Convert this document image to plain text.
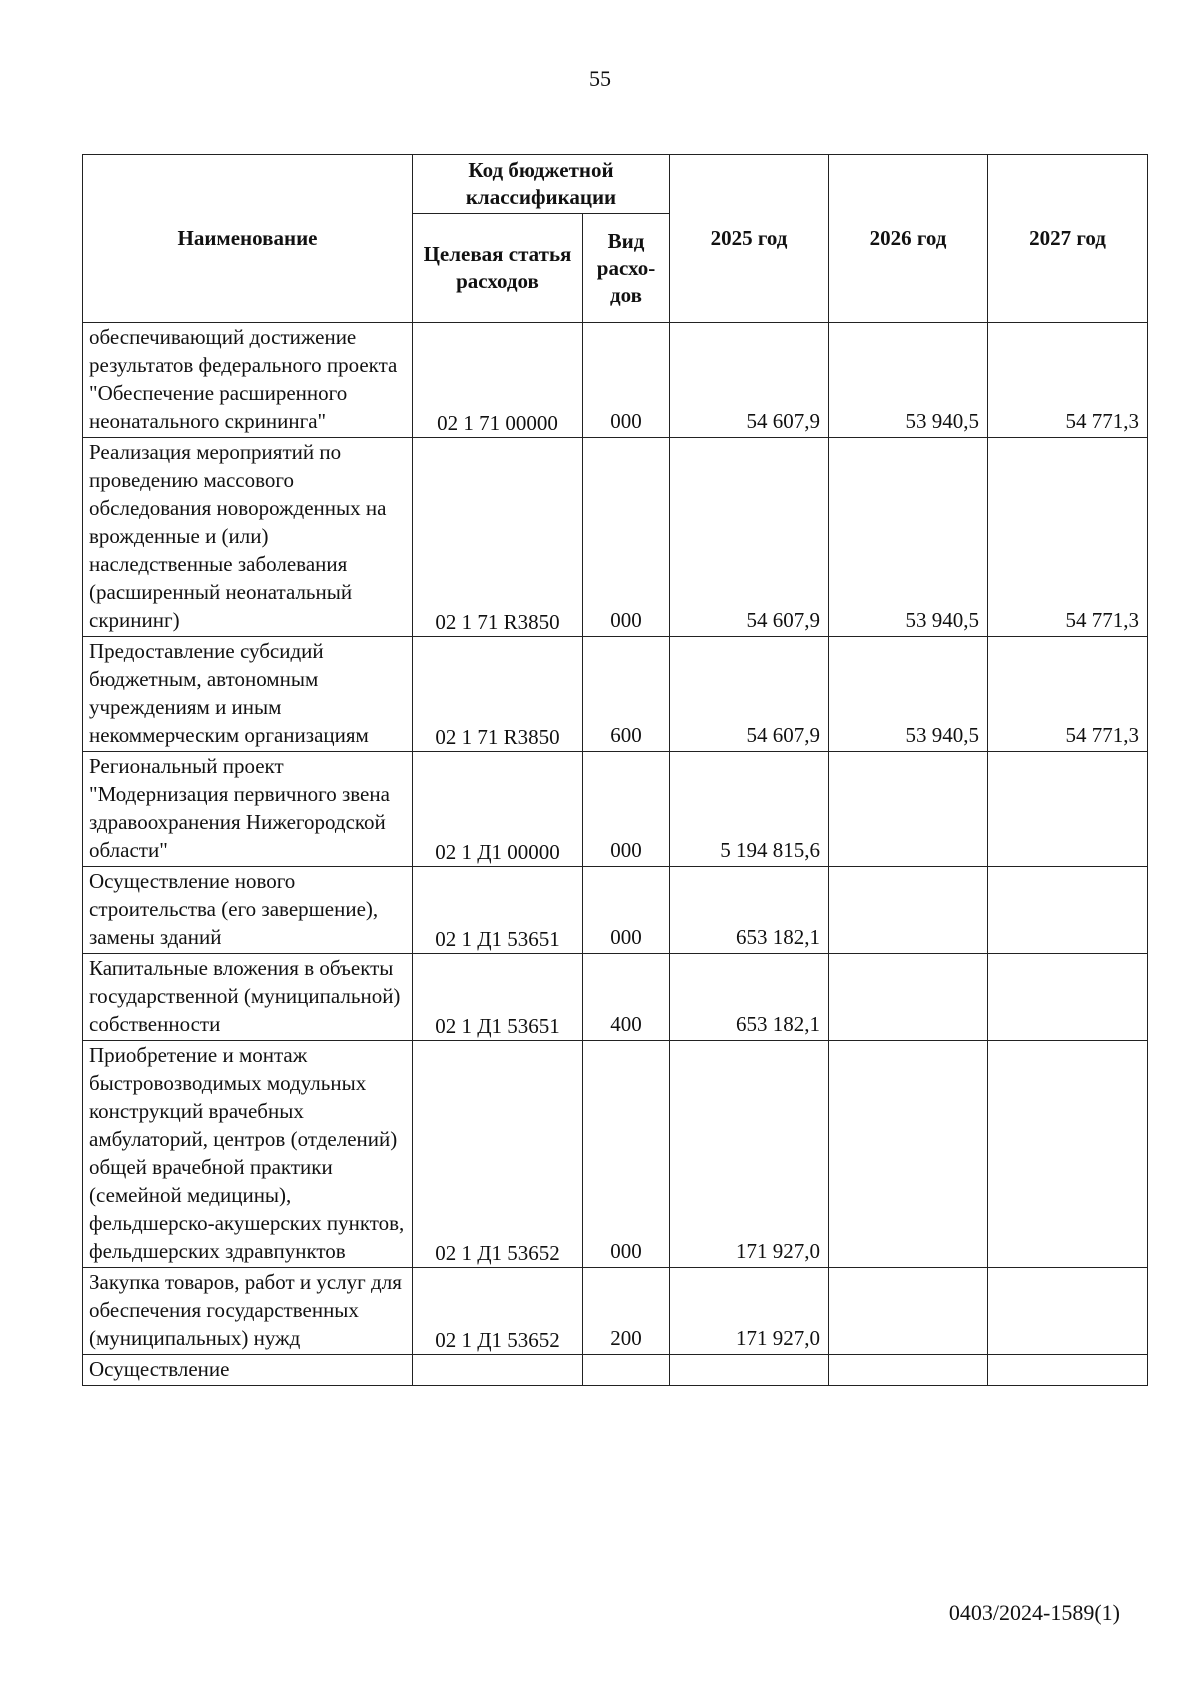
55
Наименование	Код бюджетной классификации		2025 год	2026 год	2027 год
	Целевая статья расходов	Вид расхо-дов			
обеспечивающий достижение результатов федерального проекта "Обеспечение расширенного неонатального скрининга"	02 1 71 00000	000	54 607,9	53 940,5	54 771,3
Реализация мероприятий по проведению массового обследования новорожденных на врожденные и (или) наследственные заболевания (расширенный неонатальный скрининг)	02 1 71 R3850	000	54 607,9	53 940,5	54 771,3
Предоставление субсидий бюджетным, автономным учреждениям и иным некоммерческим организациям	02 1 71 R3850	600	54 607,9	53 940,5	54 771,3
Региональный проект "Модернизация первичного звена здравоохранения Нижегородской области"	02 1 Д1 00000	000	5 194 815,6		
Осуществление нового строительства (его завершение), замены зданий	02 1 Д1 53651	000	653 182,1		
Капитальные вложения в объекты государственной (муниципальной) собственности	02 1 Д1 53651	400	653 182,1		
Приобретение и монтаж быстровозводимых модульных конструкций врачебных амбулаторий, центров (отделений) общей врачебной практики (семейной медицины), фельдшерско-акушерских пунктов, фельдшерских здравпунктов	02 1 Д1 53652	000	171 927,0		
Закупка товаров, работ и услуг для обеспечения государственных (муниципальных) нужд	02 1 Д1 53652	200	171 927,0		
Осуществление					
0403/2024-1589(1)
